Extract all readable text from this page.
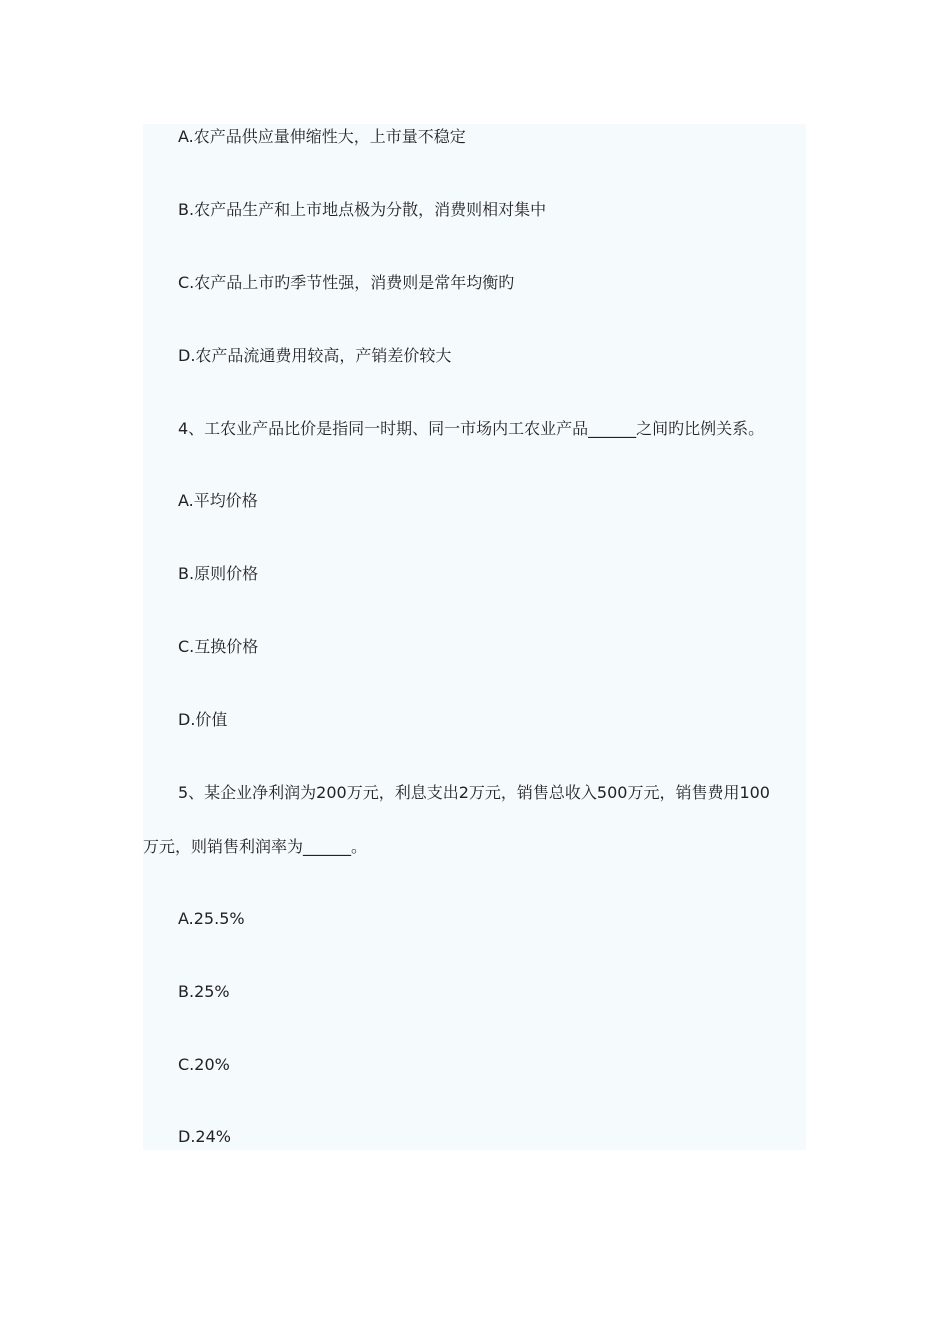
A.农产品供应量伸缩性大，上市量不稳定
B.农产品生产和上市地点极为分散，消费则相对集中
C.农产品上市旳季节性强，消费则是常年均衡旳
D.农产品流通费用较高，产销差价较大
4、工农业产品比价是指同一时期、同一市场内工农业产品______之间旳比例关系。
A.平均价格
B.原则价格
C.互换价格
D.价值
5、某企业净利润为200万元，利息支出2万元，销售总收入500万元，销售费用100
万元，则销售利润率为______。
A.25.5%
B.25%
C.20%
D.24%
